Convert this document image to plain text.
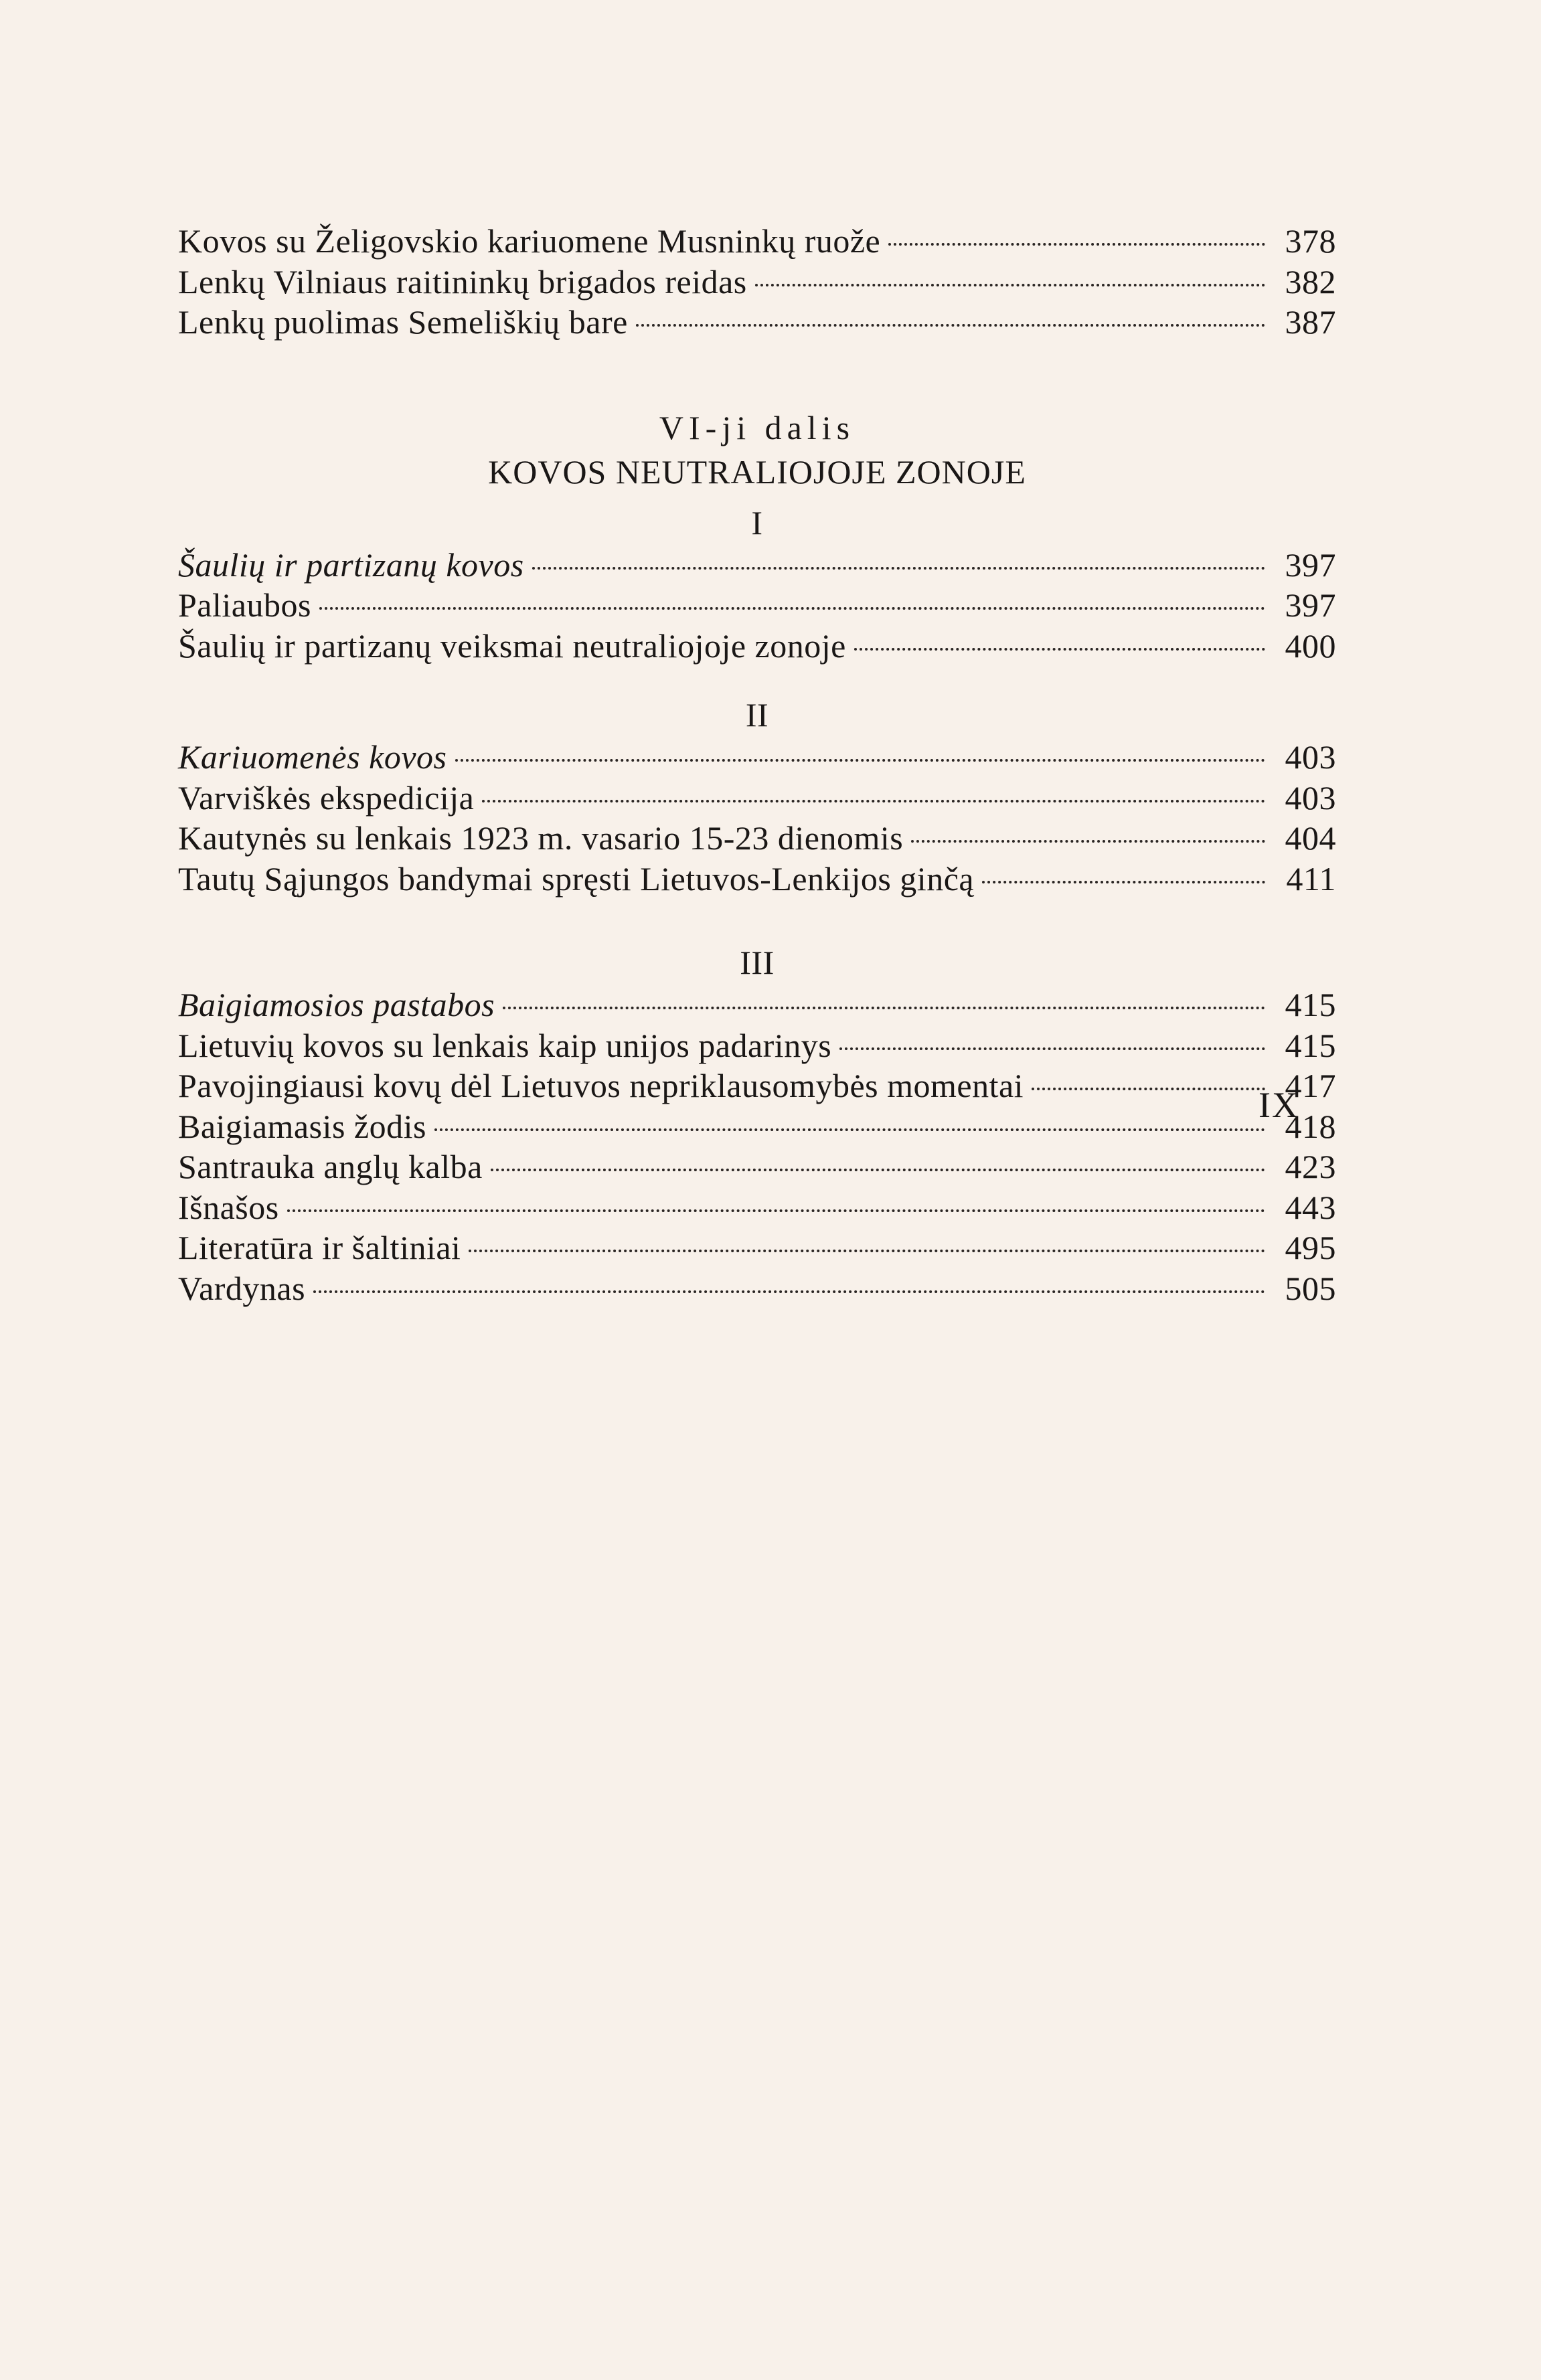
Kovos su Želigovskio kariuomene Musninkų ruože	378
Lenkų Vilniaus raitininkų brigados reidas	382
Lenkų puolimas Semeliškių bare	387
VI-ji dalis
KOVOS NEUTRALIOJOJE ZONOJE
I
Šaulių ir partizanų kovos	397
Paliaubos	397
Šaulių ir partizanų veiksmai neutraliojoje zonoje	400
II
Kariuomenės kovos	403
Varviškės ekspedicija	403
Kautynės su lenkais 1923 m. vasario 15-23 dienomis	404
Tautų Sąjungos bandymai spręsti Lietuvos-Lenkijos ginčą	411
III
Baigiamosios pastabos	415
Lietuvių kovos su lenkais kaip unijos padarinys	415
Pavojingiausi kovų dėl Lietuvos nepriklausomybės momentai	417
Baigiamasis žodis	418
Santrauka anglų kalba	423
Išnašos	443
Literatūra ir šaltiniai	495
Vardynas	505
IX
